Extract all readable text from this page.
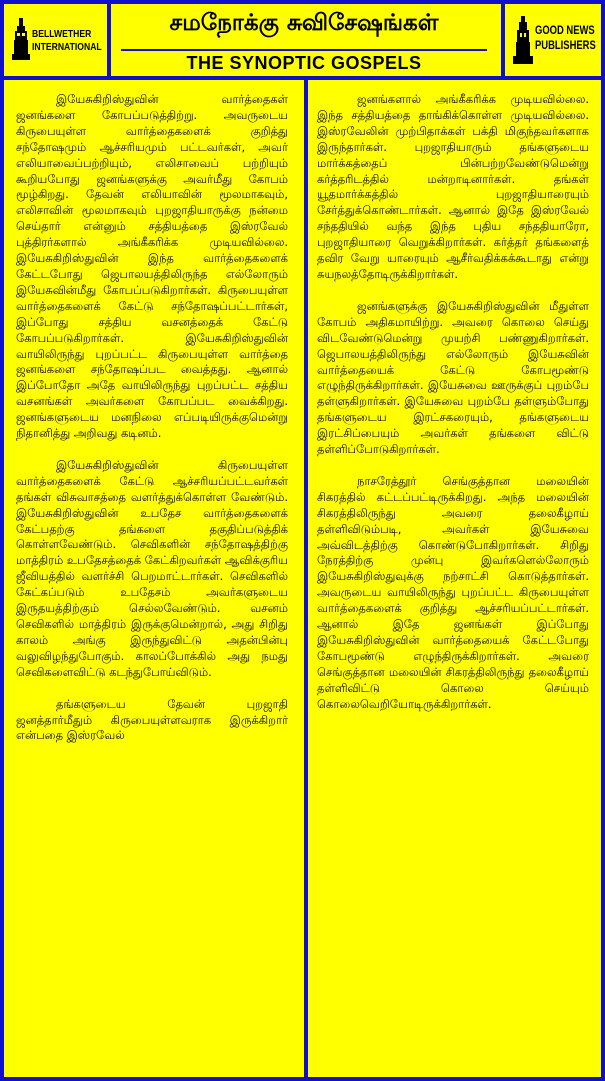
BELLWETHER
INTERNATIONAL
சமநோக்கு சுவிசேஷங்கள்
THE SYNOPTIC GOSPELS
GOOD NEWS
PUBLISHERS

இயேசுகிறிஸ்துவின் வார்த்தைகள் ஜனங்களை கோபப்படுத்திற்று. அவருடைய கிருபையுள்ள வார்த்தைகளைக் குறித்து சந்தோஷமும் ஆச்சரியமும் பட்டவர்கள், அவர் எலியாவைப்பற்றியும், எலிசாவைப் பற்றியும் கூறியபோது ஜனங்களுக்கு அவர்மீது கோபம் மூழ்கிறது. தேவன் எலியாவின் மூலமாகவும், எலிசாவின் மூலமாகவும் புறஜாதியாருக்கு நன்மை செய்தார் என்னும் சத்தியத்தை இஸ்ரவேல் புத்திரர்களால் அங்கீகரிக்க முடியவில்லை. இயேசுகிறிஸ்துவின் இந்த வார்த்தைகளைக் கேட்டபோது ஜெபாலயத்திலிருந்த எல்லோரும் இயேசுவின்மீது கோபப்படுகிறார்கள். கிருபையுள்ள வார்த்தைகளைக் கேட்டு சந்தோஷப்பட்டார்கள், இப்போது சத்திய வசனத்தைக் கேட்டு கோபப்படுகிறார்கள். இயேசுகிறிஸ்துவின் வாயிலிருந்து புறப்பட்ட கிருபையுள்ள வார்த்தை ஜனங்களை சந்தோஷப்பட வைத்தது. ஆனால் இப்போதோ அதே வாயிலிருந்து புறப்பட்ட சத்திய வசனங்கள் அவர்களை கோபப்பட வைக்கிறது. ஜனங்களுடைய மனநிலை எப்படியிருக்குமென்று நிதானித்து அறிவது கடினம்.

இயேசுகிறிஸ்துவின் கிருபையுள்ள வார்த்தைகளைக் கேட்டு ஆச்சரியப்பட்டவர்கள் தங்கள் விசுவாசத்தை வளர்த்துக்கொள்ள வேண்டும். இயேசுகிறிஸ்துவின் உபதேச வார்த்தைகளைக் கேட்பதற்கு தங்களை தகுதிப்படுத்திக் கொள்ளவேண்டும். செவிகளின் சந்தோஷத்திற்கு மாத்திரம் உபதேசத்தைக் கேட்கிறவர்கள் ஆவிக்குரிய ஜீவியத்தில் வளர்ச்சி பெறமாட்டார்கள். செவிகளில் கேட்கப்படும் உபதேசம் அவர்களுடைய இருதயத்திற்கும் செல்லவேண்டும். வசனம் செவிகளில் மாத்திரம் இருக்குமென்றால், அது சிறிது காலம் அங்கு இருந்துவிட்டு அதன்பின்பு வலுவிழந்துபோகும். காலப்போக்கில் அது நமது செவிகளைவிட்டு கடந்துபோய்விடும்.

தங்களுடைய தேவன் புறஜாதி ஜனத்தார்மீதும் கிருபையுள்ளவராக இருக்கிறார் என்பதை இஸ்ரவேல்

ஜனங்களால் அங்கீகரிக்க முடியவில்லை. இந்த சத்தியத்தை தாங்கிக்கொள்ள முடியவில்லை. இஸ்ரவேலின் முற்பிதாக்கள் பக்தி மிகுந்தவர்களாக இருந்தார்கள். புறஜாதியாரும் தங்களுடைய மார்க்கத்தைப் பின்பற்றவேண்டுமென்று கர்த்தரிடத்தில் மன்றாடினார்கள். தங்கள் யூதமார்க்கத்தில் புறஜாதியாரையும் சேர்த்துக்கொண்டார்கள். ஆனால் இதே இஸ்ரவேல் சந்ததியில் வந்த இந்த புதிய சந்ததியாரோ, புறஜாதியாரை வெறுக்கிறார்கள். கர்த்தர் தங்களைத் தவிர வேறு யாரையும் ஆசீர்வதிக்கக்கூடாது என்று சுயநலத்தோடிருக்கிறார்கள்.

ஜனங்களுக்கு இயேசுகிறிஸ்துவின் மீதுள்ள கோபம் அதிகமாயிற்று. அவரை கொலை செய்து விடவேண்டுமென்று முயற்சி பண்ணுகிறார்கள். ஜெபாலயத்திலிருந்து எல்லோரும் இயேசுவின் வார்த்தையைக் கேட்டு கோபமூண்டு எழுந்திருக்கிறார்கள். இயேசுவை ஊருக்குப் புறம்பே தள்ளுகிறார்கள். இயேசுவை புறம்பே தள்ளும்போது தங்களுடைய இரட்சகரையும், தங்களுடைய இரட்சிப்பையும் அவர்கள் தங்களை விட்டு தள்ளிப்போடுகிறார்கள்.

நாசரேத்தூர் செங்குத்தான மலையின் சிகரத்தில் கட்டப்பட்டிருக்கிறது. அந்த மலையின் சிகரத்திலிருந்து அவரை தலைகீழாய் தள்ளிவிடும்படி, அவர்கள் இயேசுவை அவ்விடத்திற்கு கொண்டுபோகிறார்கள். சிறிது நேரத்திற்கு முன்பு இவர்களெல்லோரும் இயேசுகிறிஸ்துவுக்கு நற்சாட்சி கொடுத்தார்கள். அவருடைய வாயிலிருந்து புறப்பட்ட கிருபையுள்ள வார்த்தைகளைக் குறித்து ஆச்சரியப்பட்டார்கள். ஆனால் இதே ஜனங்கள் இப்போது இயேசுகிறிஸ்துவின் வார்த்தையைக் கேட்டபோது கோபமூண்டு எழுந்திருக்கிறார்கள். அவரை செங்குத்தான மலையின் சிகரத்திலிருந்து தலைகீழாய் தள்ளிவிட்டு கொலை செய்யும் கொலைவெறியோடிருக்கிறார்கள்.
